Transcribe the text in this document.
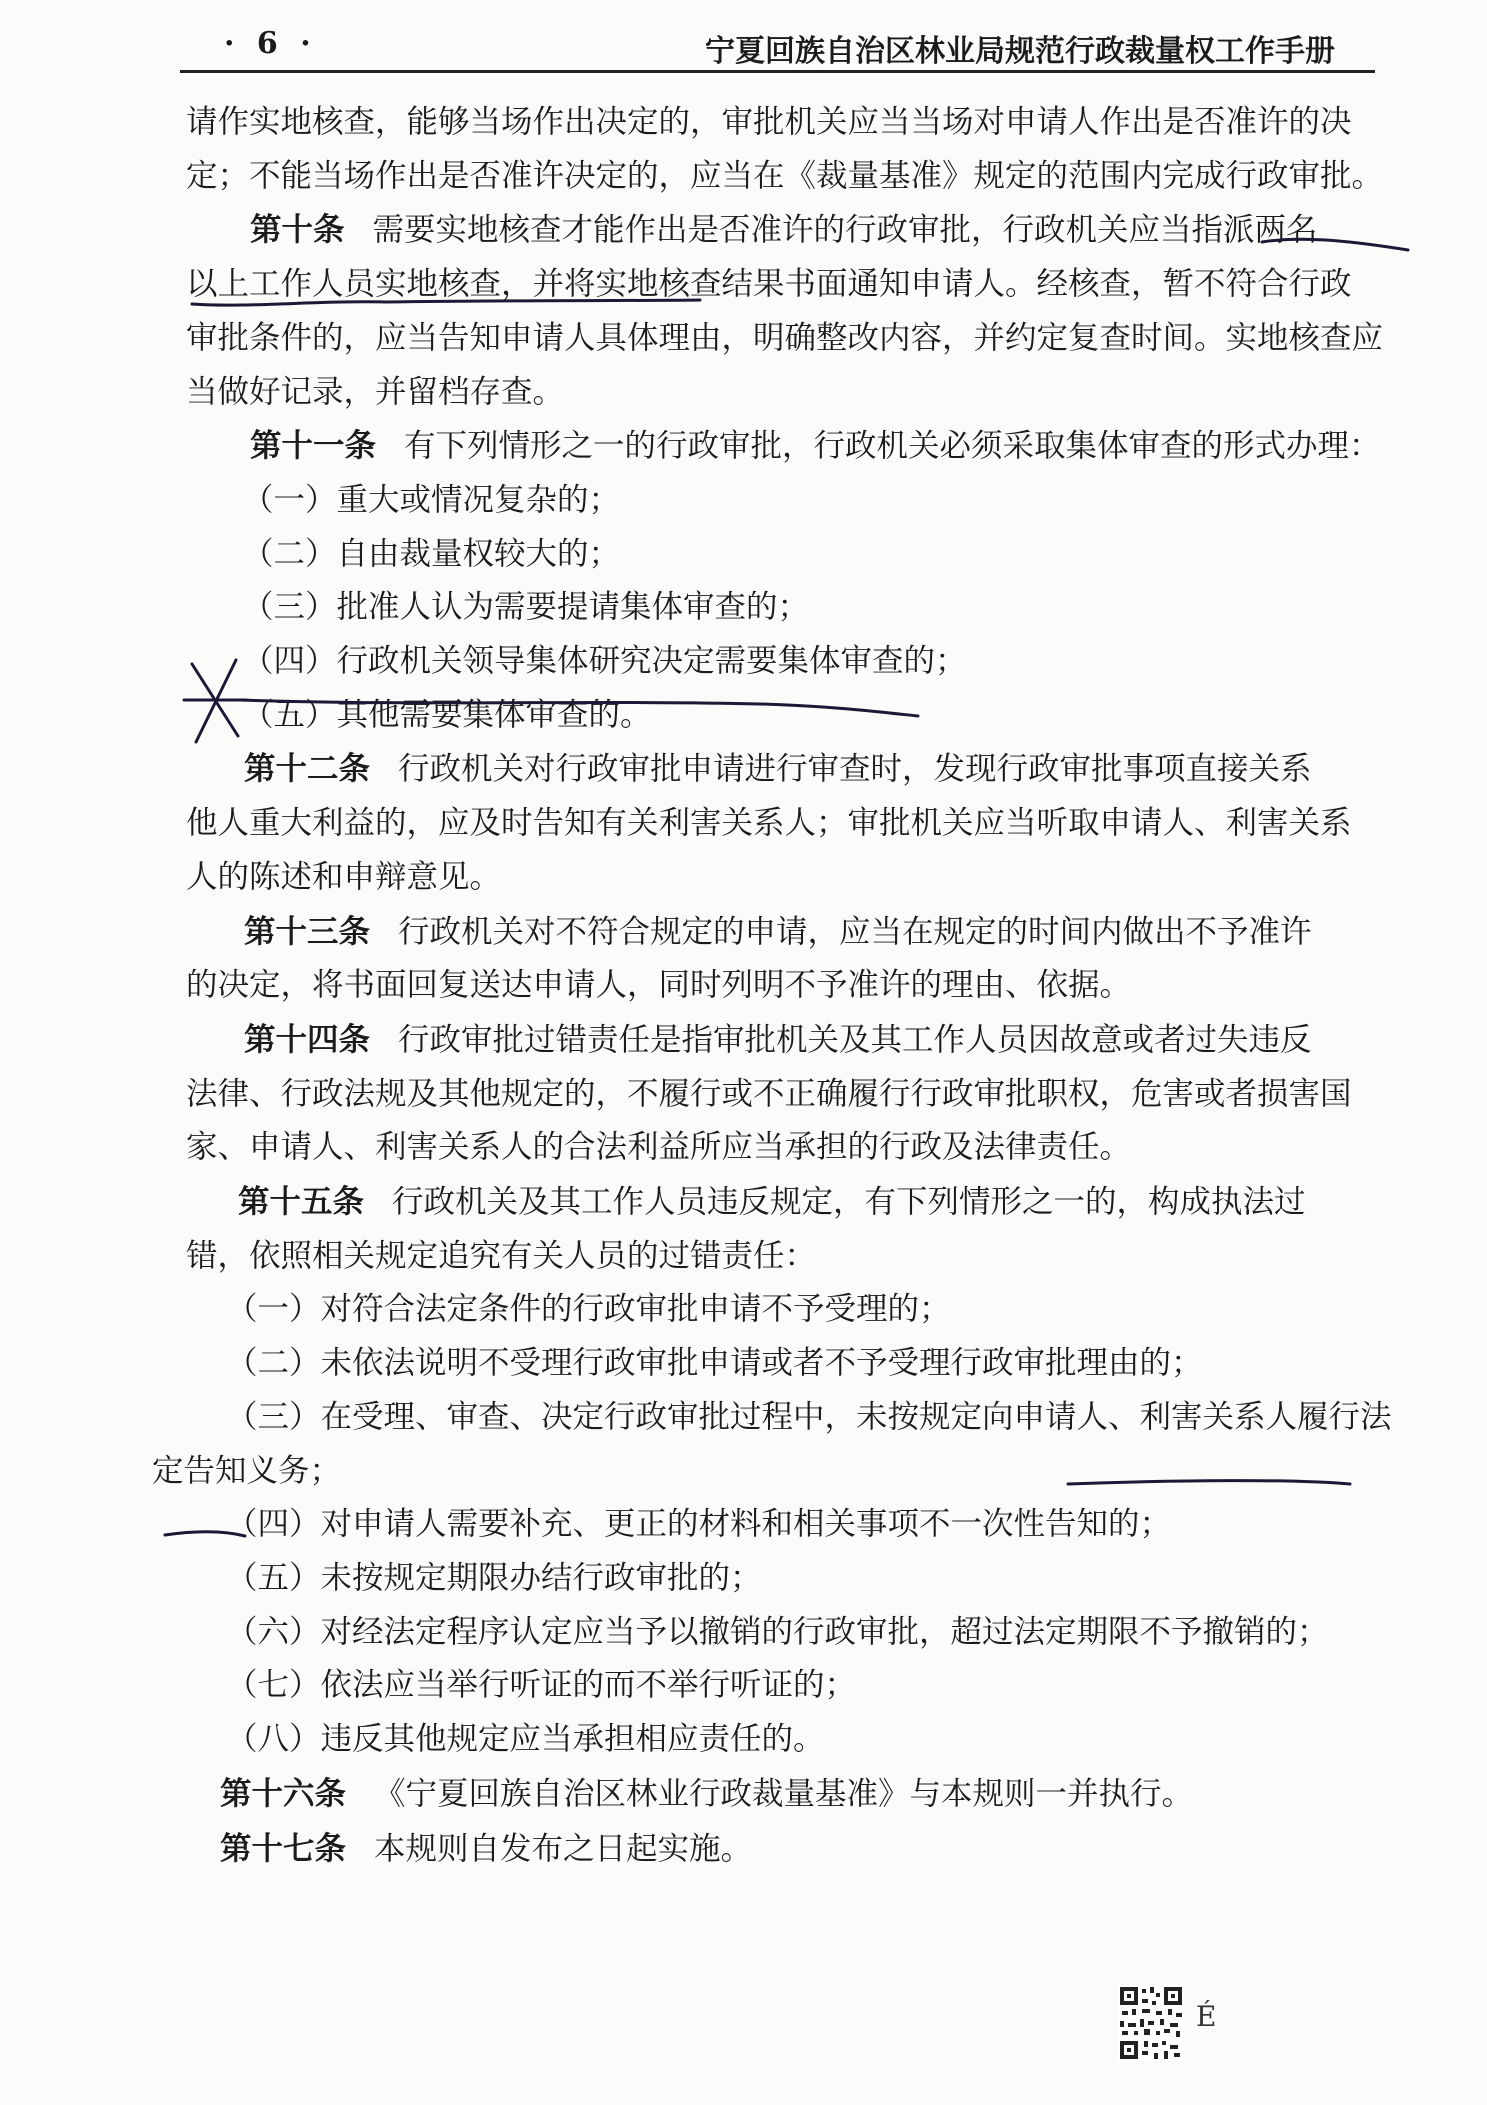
· 6 ·	宁夏回族自治区林业局规范行政裁量权工作手册

请作实地核查，能够当场作出决定的，审批机关应当当场对申请人作出是否准许的决

定；不能当场作出是否准许决定的，应当在《裁量基准》规定的范围内完成行政审批。

第十条 需要实地核查才能作出是否准许的行政审批，行政机关应当指派两名

以上工作人员实地核查，并将实地核查结果书面通知申请人。经核查，暂不符合行政

审批条件的，应当告知申请人具体理由，明确整改内容，并约定复查时间。实地核查应

当做好记录，并留档存查。

第十一条 有下列情形之一的行政审批，行政机关必须采取集体审查的形式办理：

（一）重大或情况复杂的；

（二）自由裁量权较大的；

（三）批准人认为需要提请集体审查的；

（四）行政机关领导集体研究决定需要集体审查的；

（五）其他需要集体审查的。

第十二条 行政机关对行政审批申请进行审查时，发现行政审批事项直接关系

他人重大利益的，应及时告知有关利害关系人；审批机关应当听取申请人、利害关系

人的陈述和申辩意见。

第十三条 行政机关对不符合规定的申请，应当在规定的时间内做出不予准许

的决定，将书面回复送达申请人，同时列明不予准许的理由、依据。

第十四条 行政审批过错责任是指审批机关及其工作人员因故意或者过失违反

法律、行政法规及其他规定的，不履行或不正确履行行政审批职权，危害或者损害国

家、申请人、利害关系人的合法利益所应当承担的行政及法律责任。

第十五条 行政机关及其工作人员违反规定，有下列情形之一的，构成执法过

错，依照相关规定追究有关人员的过错责任：

（一）对符合法定条件的行政审批申请不予受理的；

（二）未依法说明不受理行政审批申请或者不予受理行政审批理由的；

（三）在受理、审查、决定行政审批过程中，未按规定向申请人、利害关系人履行法

定告知义务；

（四）对申请人需要补充、更正的材料和相关事项不一次性告知的；

（五）未按规定期限办结行政审批的；

（六）对经法定程序认定应当予以撤销的行政审批，超过法定期限不予撤销的；

（七）依法应当举行听证的而不举行听证的；

（八）违反其他规定应当承担相应责任的。

第十六条 《宁夏回族自治区林业行政裁量基准》与本规则一并执行。

第十七条 本规则自发布之日起实施。

É
